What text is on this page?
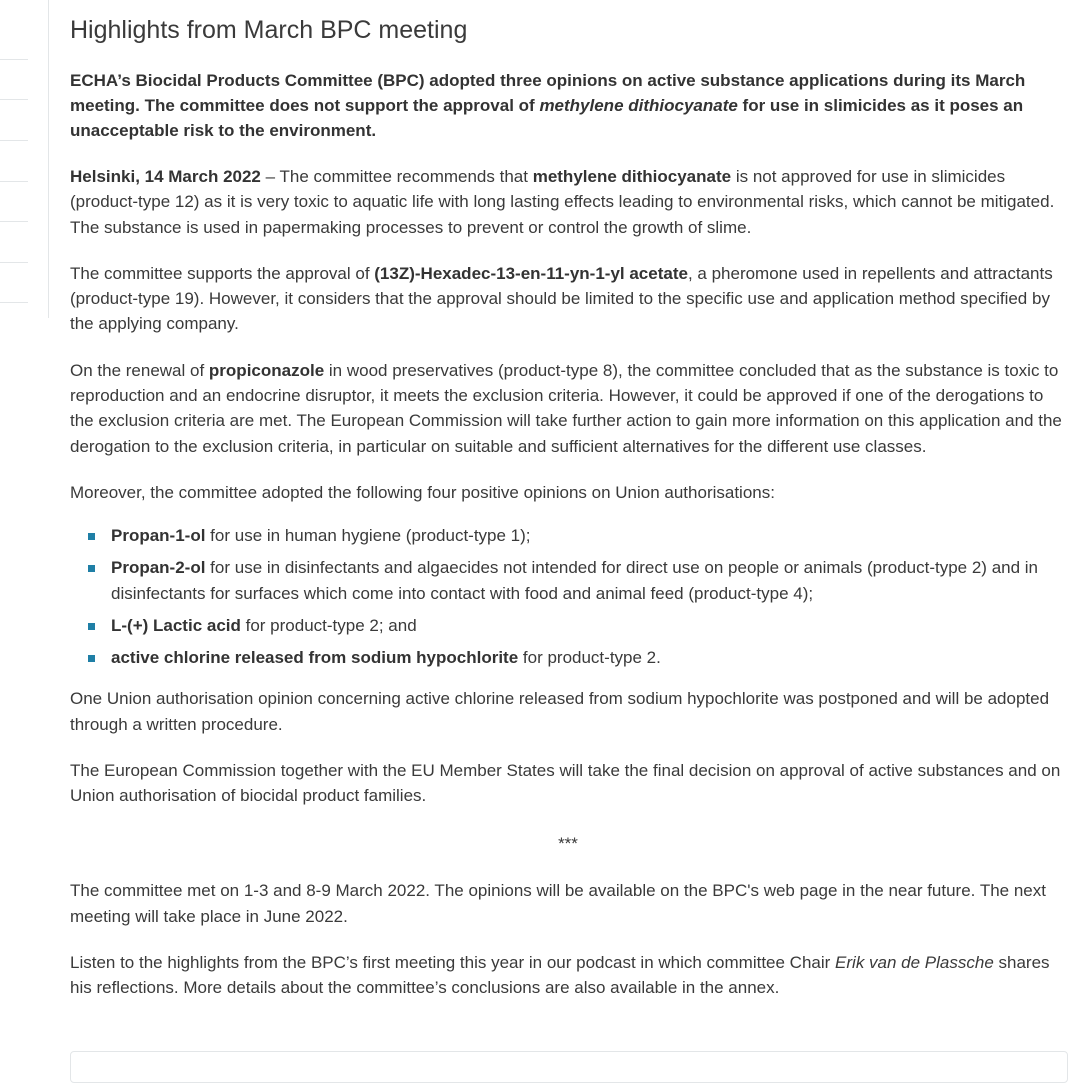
Highlights from March BPC meeting

ECHA’s Biocidal Products Committee (BPC) adopted three opinions on active substance applications during its March meeting. The committee does not support the approval of methylene dithiocyanate for use in slimicides as it poses an unacceptable risk to the environment.

Helsinki, 14 March 2022 – The committee recommends that methylene dithiocyanate is not approved for use in slimicides (product-type 12) as it is very toxic to aquatic life with long lasting effects leading to environmental risks, which cannot be mitigated. The substance is used in papermaking processes to prevent or control the growth of slime.

The committee supports the approval of (13Z)-Hexadec-13-en-11-yn-1-yl acetate, a pheromone used in repellents and attractants (product-type 19). However, it considers that the approval should be limited to the specific use and application method specified by the applying company.

On the renewal of propiconazole in wood preservatives (product-type 8), the committee concluded that as the substance is toxic to reproduction and an endocrine disruptor, it meets the exclusion criteria. However, it could be approved if one of the derogations to the exclusion criteria are met. The European Commission will take further action to gain more information on this application and the derogation to the exclusion criteria, in particular on suitable and sufficient alternatives for the different use classes.

Moreover, the committee adopted the following four positive opinions on Union authorisations:

Propan-1-ol for use in human hygiene (product-type 1);
Propan-2-ol for use in disinfectants and algaecides not intended for direct use on people or animals (product-type 2) and in disinfectants for surfaces which come into contact with food and animal feed (product-type 4);
L-(+) Lactic acid for product-type 2; and
active chlorine released from sodium hypochlorite for product-type 2.

One Union authorisation opinion concerning active chlorine released from sodium hypochlorite was postponed and will be adopted through a written procedure.

The European Commission together with the EU Member States will take the final decision on approval of active substances and on Union authorisation of biocidal product families.

***

The committee met on 1-3 and 8-9 March 2022. The opinions will be available on the BPC's web page in the near future. The next meeting will take place in June 2022.

Listen to the highlights from the BPC’s first meeting this year in our podcast in which committee Chair Erik van de Plassche shares his reflections. More details about the committee’s conclusions are also available in the annex.
